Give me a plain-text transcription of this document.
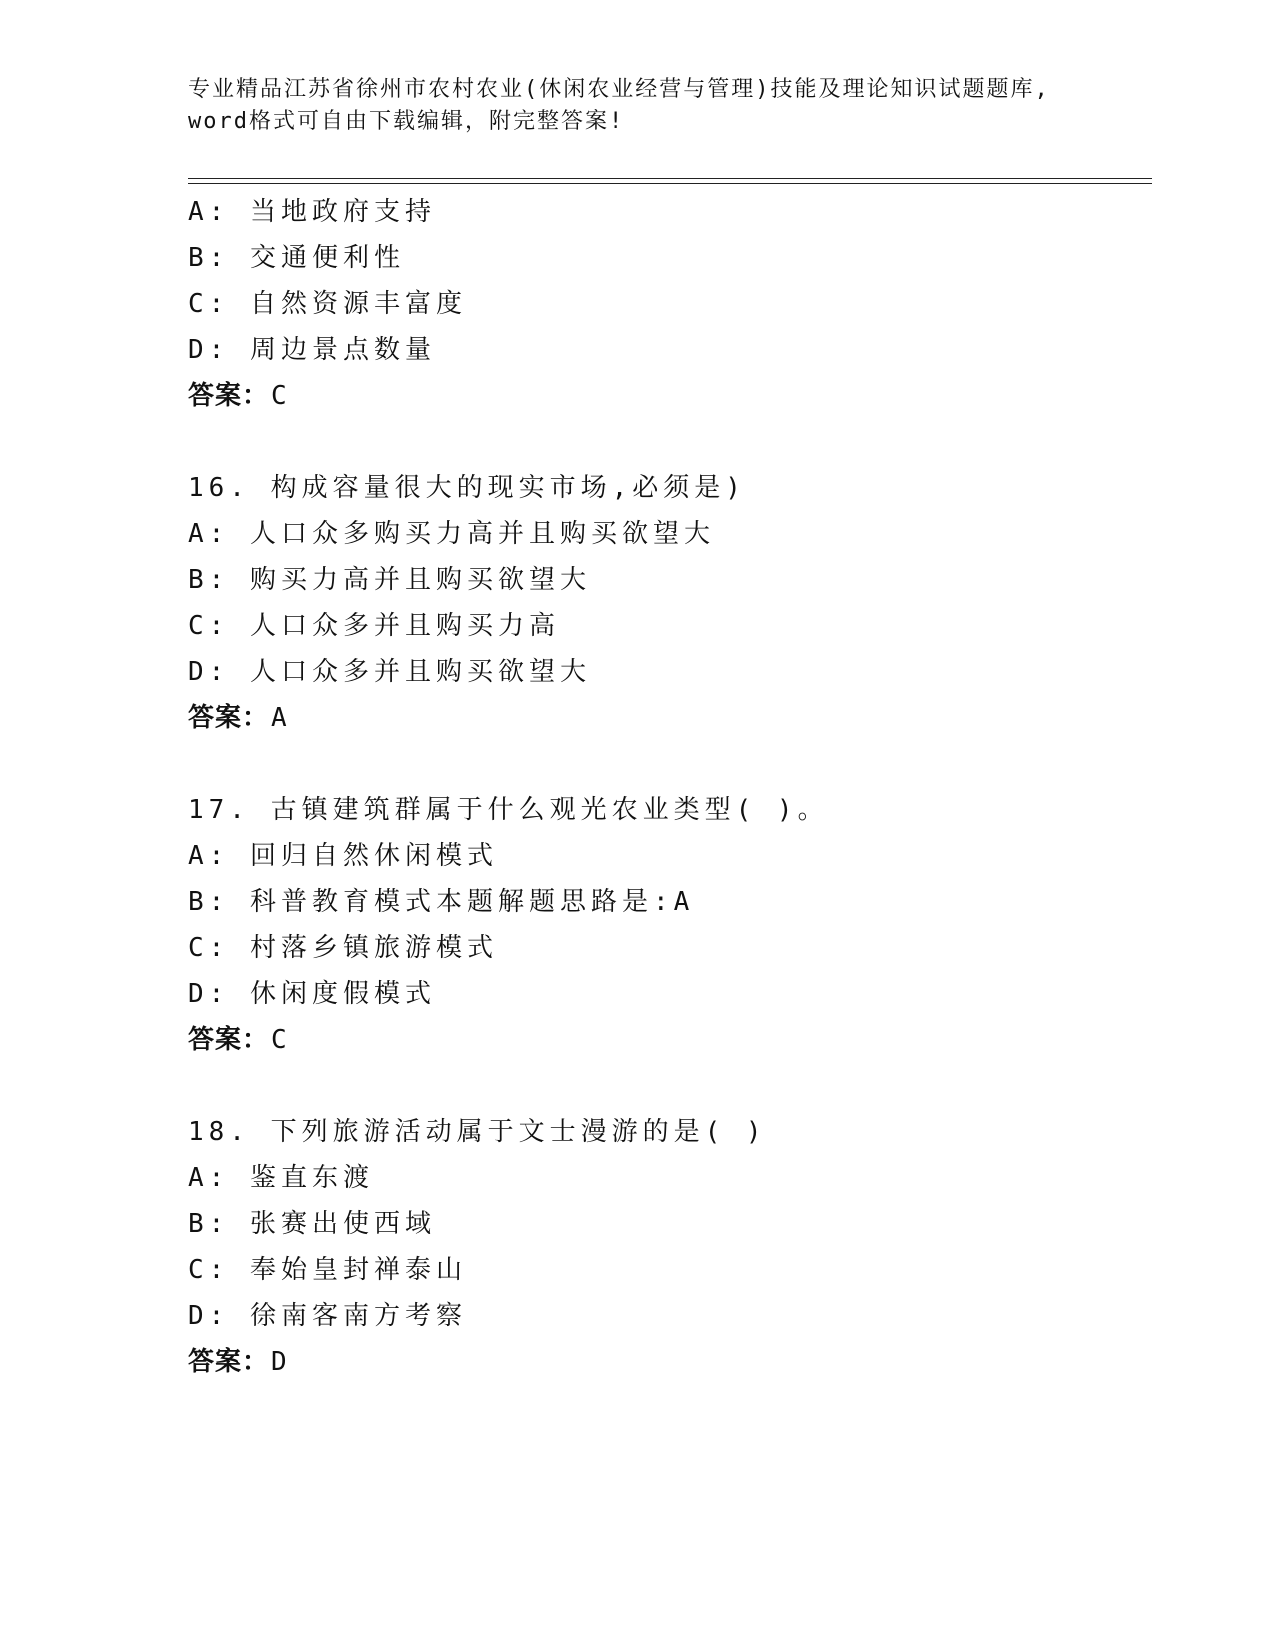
专业精品江苏省徐州市农村农业(休闲农业经营与管理)技能及理论知识试题题库,
word格式可自由下载编辑，附完整答案!
A: 当地政府支持
B: 交通便利性
C: 自然资源丰富度
D: 周边景点数量
答案：C
16. 构成容量很大的现实市场,必须是)
A: 人口众多购买力高并且购买欲望大
B: 购买力高并且购买欲望大
C: 人口众多并且购买力高
D: 人口众多并且购买欲望大
答案：A
17. 古镇建筑群属于什么观光农业类型( )。
A: 回归自然休闲模式
B: 科普教育模式本题解题思路是:A
C: 村落乡镇旅游模式
D: 休闲度假模式
答案：C
18. 下列旅游活动属于文士漫游的是( )
A: 鉴直东渡
B: 张赛出使西域
C: 奉始皇封禅泰山
D: 徐南客南方考察
答案：D
